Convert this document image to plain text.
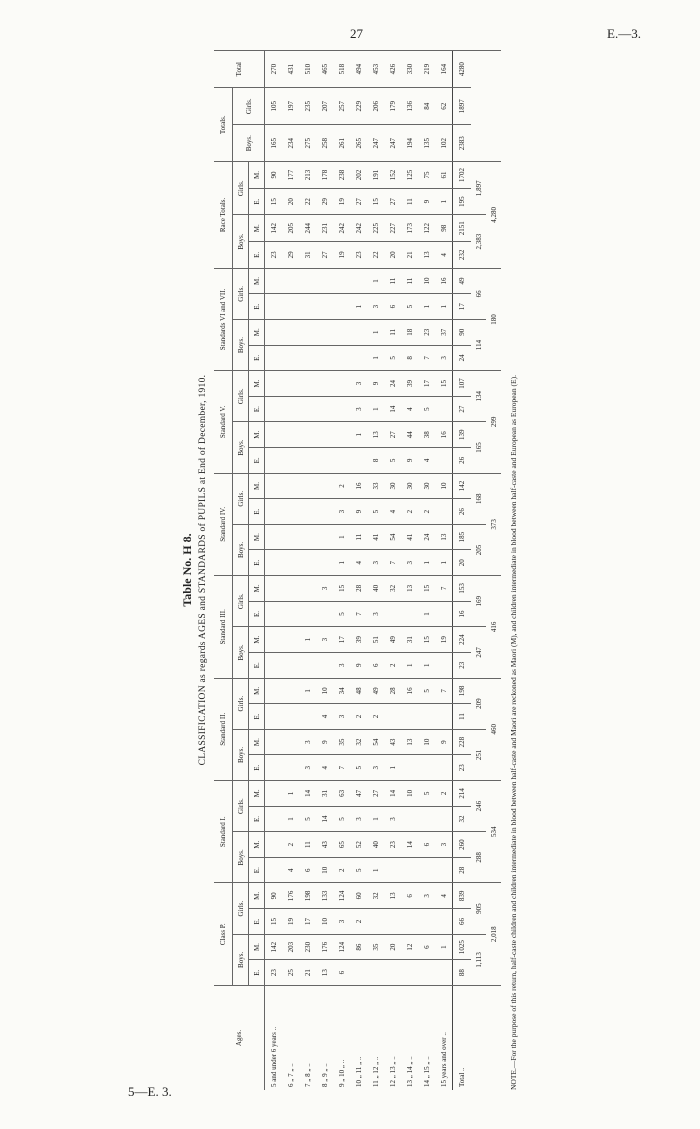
27	E.—3.
5—E. 3.
Table No. H 8. CLASSIFICATION as regards AGES and STANDARDS of PUPILS at End of December, 1910.
Ages.	Class P.				Standard I.				Standard II.				Standard III.				Standard IV.				Standard V.				Standards VI and VII.				Race Totals.				Totals.		Total
	Boys.		Girls.		Boys.		Girls.		Boys.		Girls.		Boys.		Girls.		Boys.		Girls.		Boys.		Girls.		Boys.		Girls.		Boys.		Girls.		Boys.	Girls.	
	E.	M.	E.	M.	E.	M.	E.	M.	E.	M.	E.	M.	E.	M.	E.	M.	E.	M.	E.	M.	E.	M.	E.	M.	E.	M.	E.	M.	E.	M.	E.	M.			
5 and under 6 years ..	23	142	15	90																									23	142	15	90	165	105	270
6 „ 7 „ ..	25	203	19	176	4	2	1	1																					29	205	20	177	234	197	431
7 „ 8 „ ..	21	230	17	198	6	11	5	14	3	3		1		1															31	244	22	213	275	235	510
8 „ 9 „ ..	13	176	10	133	10	43	14	31	4	9	4	10		3		3													27	231	29	178	258	207	465
9 „ 10 „ ..	6	124	3	124	2	65	5	63	7	35	3	34	3	17	5	15	1	1	3	2									19	242	19	238	261	257	518
10 „ 11 „ ..		86	2	60	5	52	3	47	5	32	2	48	9	39	7	28	4	11	9	16		1	3	3			1		23	242	27	202	265	229	494
11 „ 12 „ ..		35		32	1	40	1	27	3	54	2	49	6	51	3	40	3	41	5	33	8	13	1	9	1	1	3	1	22	225	15	191	247	206	453
12 „ 13 „ ..		20		13		23	3	14	1	43		28	2	49		32	7	54	4	30	5	27	14	24	5	11	6	11	20	227	27	152	247	179	426
13 „ 14 „ ..		12		6		14		10		13		16	1	31		13	3	41	2	30	9	44	4	39	8	18	5	11	21	173	11	125	194	136	330
14 „ 15 „ ..		6		3		6		5		10		5	1	15	1	15	1	24	2	30	4	38	5	17	7	23	1	10	13	122	9	75	135	84	219
15 years and over ..		1		4		3		2		9		7		19		7	1	13		10		16		15	3	37	1	16	4	98	1	61	102	62	164
Total ..	88	1025	66	839	28	260	32	214	23	228	11	198	23	224	16	153	20	185	26	142	26	139	27	107	24	90	17	49	232	2151	195	1702	2383	1897	4280
	1,113		905		288		246		251		209		247		169		205		168		165		134		114		66		2,383		1,897				
	2,018				534				460				416				373				299				180				4,280						
NOTE.—For the purpose of this return, half-caste children and children intermediate in blood between half-caste and Maori are reckoned as Maori (M), and children intermediate in blood between half-caste and European as European (E).
